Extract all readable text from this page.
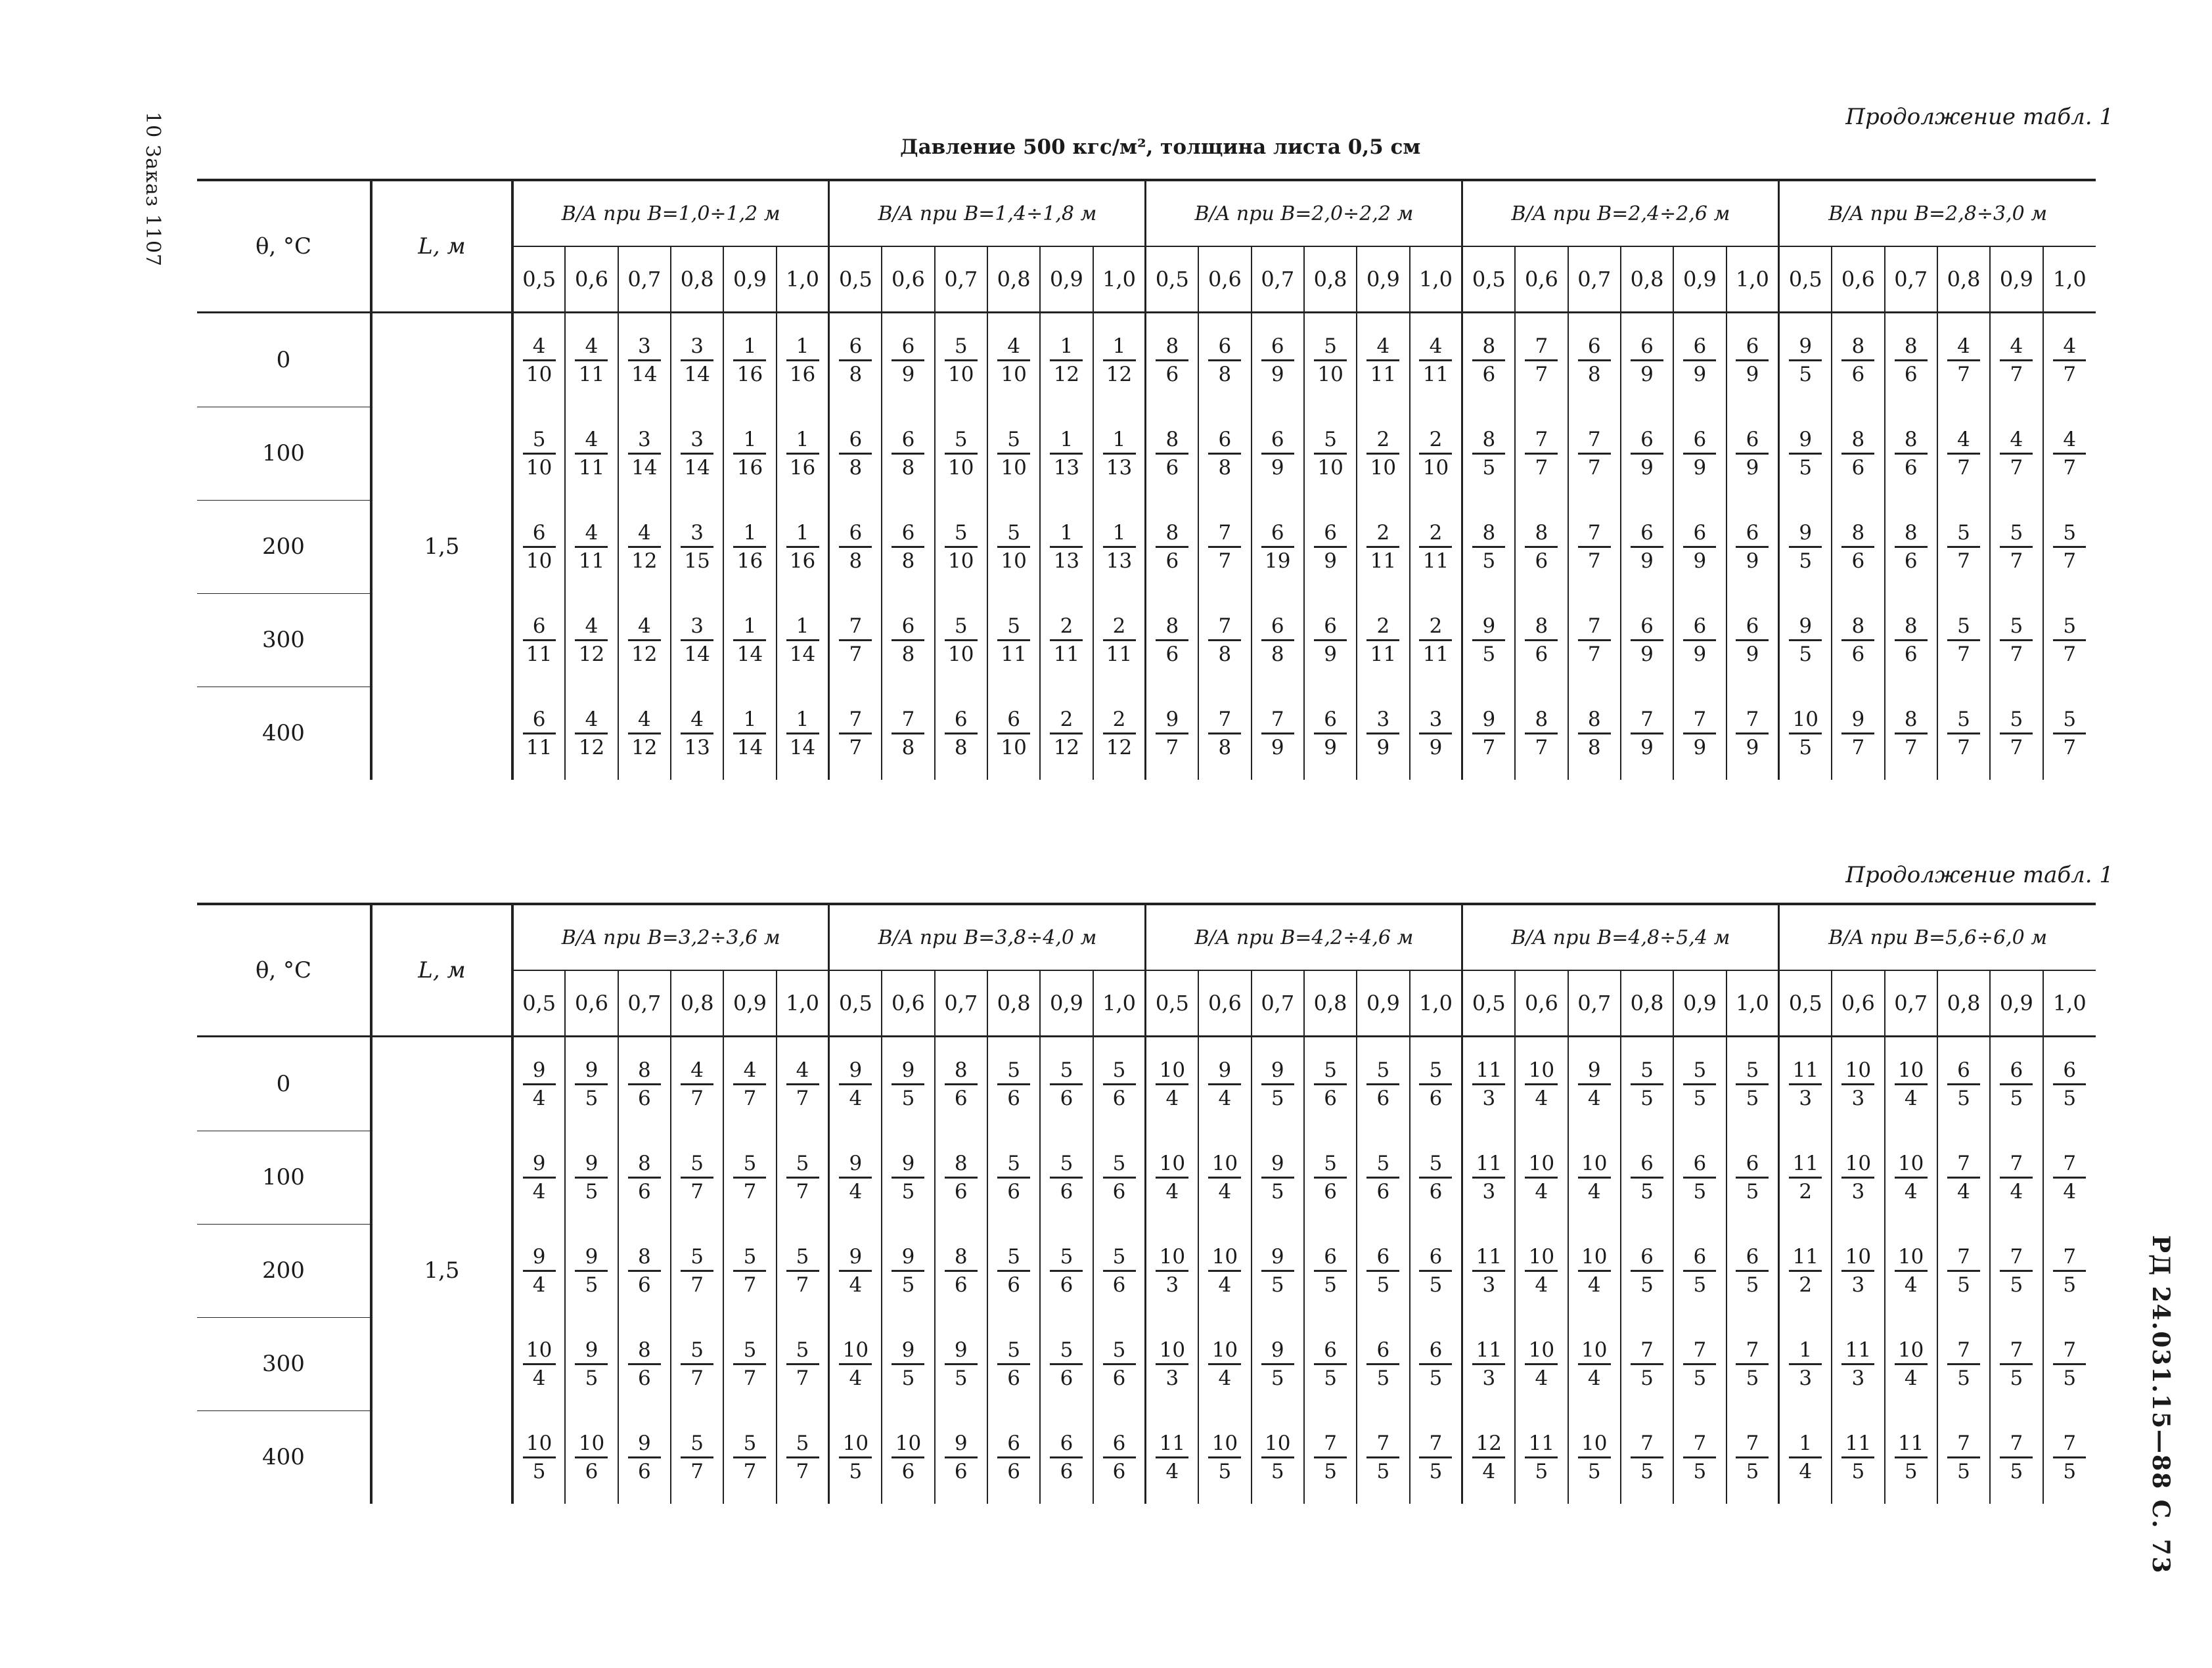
10 Заказ 1107
РД 24.031.15—88 С. 73
Продолжение табл. 1
Давление 500 кгс/м², толщина листа 0,5 см
θ, °C	L, м	B/A при B=1,0÷1,2 м						B/A при B=1,4÷1,8 м						B/A при B=2,0÷2,2 м						B/A при B=2,4÷2,6 м						B/A при B=2,8÷3,0 м					
		0,5	0,6	0,7	0,8	0,9	1,0	0,5	0,6	0,7	0,8	0,9	1,0	0,5	0,6	0,7	0,8	0,9	1,0	0,5	0,6	0,7	0,8	0,9	1,0	0,5	0,6	0,7	0,8	0,9	1,0
0	1,5	$\frac{4}{10}$	$\frac{4}{11}$	$\frac{3}{14}$	$\frac{3}{14}$	$\frac{1}{16}$	$\frac{1}{16}$	$\frac{6}{8}$	$\frac{6}{9}$	$\frac{5}{10}$	$\frac{4}{10}$	$\frac{1}{12}$	$\frac{1}{12}$	$\frac{8}{6}$	$\frac{6}{8}$	$\frac{6}{9}$	$\frac{5}{10}$	$\frac{4}{11}$	$\frac{4}{11}$	$\frac{8}{6}$	$\frac{7}{7}$	$\frac{6}{8}$	$\frac{6}{9}$	$\frac{6}{9}$	$\frac{6}{9}$	$\frac{9}{5}$	$\frac{8}{6}$	$\frac{8}{6}$	$\frac{4}{7}$	$\frac{4}{7}$	$\frac{4}{7}$

100		$\frac{5}{10}$	$\frac{4}{11}$	$\frac{3}{14}$	$\frac{3}{14}$	$\frac{1}{16}$	$\frac{1}{16}$	$\frac{6}{8}$	$\frac{6}{8}$	$\frac{5}{10}$	$\frac{5}{10}$	$\frac{1}{13}$	$\frac{1}{13}$	$\frac{8}{6}$	$\frac{6}{8}$	$\frac{6}{9}$	$\frac{5}{10}$	$\frac{2}{10}$	$\frac{2}{10}$	$\frac{8}{5}$	$\frac{7}{7}$	$\frac{7}{7}$	$\frac{6}{9}$	$\frac{6}{9}$	$\frac{6}{9}$	$\frac{9}{5}$	$\frac{8}{6}$	$\frac{8}{6}$	$\frac{4}{7}$	$\frac{4}{7}$	$\frac{4}{7}$

200		$\frac{6}{10}$	$\frac{4}{11}$	$\frac{4}{12}$	$\frac{3}{15}$	$\frac{1}{16}$	$\frac{1}{16}$	$\frac{6}{8}$	$\frac{6}{8}$	$\frac{5}{10}$	$\frac{5}{10}$	$\frac{1}{13}$	$\frac{1}{13}$	$\frac{8}{6}$	$\frac{7}{7}$	$\frac{6}{19}$	$\frac{6}{9}$	$\frac{2}{11}$	$\frac{2}{11}$	$\frac{8}{5}$	$\frac{8}{6}$	$\frac{7}{7}$	$\frac{6}{9}$	$\frac{6}{9}$	$\frac{6}{9}$	$\frac{9}{5}$	$\frac{8}{6}$	$\frac{8}{6}$	$\frac{5}{7}$	$\frac{5}{7}$	$\frac{5}{7}$

300		$\frac{6}{11}$	$\frac{4}{12}$	$\frac{4}{12}$	$\frac{3}{14}$	$\frac{1}{14}$	$\frac{1}{14}$	$\frac{7}{7}$	$\frac{6}{8}$	$\frac{5}{10}$	$\frac{5}{11}$	$\frac{2}{11}$	$\frac{2}{11}$	$\frac{8}{6}$	$\frac{7}{8}$	$\frac{6}{8}$	$\frac{6}{9}$	$\frac{2}{11}$	$\frac{2}{11}$	$\frac{9}{5}$	$\frac{8}{6}$	$\frac{7}{7}$	$\frac{6}{9}$	$\frac{6}{9}$	$\frac{6}{9}$	$\frac{9}{5}$	$\frac{8}{6}$	$\frac{8}{6}$	$\frac{5}{7}$	$\frac{5}{7}$	$\frac{5}{7}$

400		$\frac{6}{11}$	$\frac{4}{12}$	$\frac{4}{12}$	$\frac{4}{13}$	$\frac{1}{14}$	$\frac{1}{14}$	$\frac{7}{7}$	$\frac{7}{8}$	$\frac{6}{8}$	$\frac{6}{10}$	$\frac{2}{12}$	$\frac{2}{12}$	$\frac{9}{7}$	$\frac{7}{8}$	$\frac{7}{9}$	$\frac{6}{9}$	$\frac{3}{9}$	$\frac{3}{9}$	$\frac{9}{7}$	$\frac{8}{7}$	$\frac{8}{8}$	$\frac{7}{9}$	$\frac{7}{9}$	$\frac{7}{9}$	$\frac{10}{5}$	$\frac{9}{7}$	$\frac{8}{7}$	$\frac{5}{7}$	$\frac{5}{7}$	$\frac{5}{7}$
Продолжение табл. 1
θ, °C	L, м	B/A при B=3,2÷3,6 м						B/A при B=3,8÷4,0 м						B/A при B=4,2÷4,6 м						B/A при B=4,8÷5,4 м						B/A при B=5,6÷6,0 м					
		0,5	0,6	0,7	0,8	0,9	1,0	0,5	0,6	0,7	0,8	0,9	1,0	0,5	0,6	0,7	0,8	0,9	1,0	0,5	0,6	0,7	0,8	0,9	1,0	0,5	0,6	0,7	0,8	0,9	1,0
0	1,5	$\frac{9}{4}$	$\frac{9}{5}$	$\frac{8}{6}$	$\frac{4}{7}$	$\frac{4}{7}$	$\frac{4}{7}$	$\frac{9}{4}$	$\frac{9}{5}$	$\frac{8}{6}$	$\frac{5}{6}$	$\frac{5}{6}$	$\frac{5}{6}$	$\frac{10}{4}$	$\frac{9}{4}$	$\frac{9}{5}$	$\frac{5}{6}$	$\frac{5}{6}$	$\frac{5}{6}$	$\frac{11}{3}$	$\frac{10}{4}$	$\frac{9}{4}$	$\frac{5}{5}$	$\frac{5}{5}$	$\frac{5}{5}$	$\frac{11}{3}$	$\frac{10}{3}$	$\frac{10}{4}$	$\frac{6}{5}$	$\frac{6}{5}$	$\frac{6}{5}$

100		$\frac{9}{4}$	$\frac{9}{5}$	$\frac{8}{6}$	$\frac{5}{7}$	$\frac{5}{7}$	$\frac{5}{7}$	$\frac{9}{4}$	$\frac{9}{5}$	$\frac{8}{6}$	$\frac{5}{6}$	$\frac{5}{6}$	$\frac{5}{6}$	$\frac{10}{4}$	$\frac{10}{4}$	$\frac{9}{5}$	$\frac{5}{6}$	$\frac{5}{6}$	$\frac{5}{6}$	$\frac{11}{3}$	$\frac{10}{4}$	$\frac{10}{4}$	$\frac{6}{5}$	$\frac{6}{5}$	$\frac{6}{5}$	$\frac{11}{2}$	$\frac{10}{3}$	$\frac{10}{4}$	$\frac{7}{4}$	$\frac{7}{4}$	$\frac{7}{4}$

200		$\frac{9}{4}$	$\frac{9}{5}$	$\frac{8}{6}$	$\frac{5}{7}$	$\frac{5}{7}$	$\frac{5}{7}$	$\frac{9}{4}$	$\frac{9}{5}$	$\frac{8}{6}$	$\frac{5}{6}$	$\frac{5}{6}$	$\frac{5}{6}$	$\frac{10}{3}$	$\frac{10}{4}$	$\frac{9}{5}$	$\frac{6}{5}$	$\frac{6}{5}$	$\frac{6}{5}$	$\frac{11}{3}$	$\frac{10}{4}$	$\frac{10}{4}$	$\frac{6}{5}$	$\frac{6}{5}$	$\frac{6}{5}$	$\frac{11}{2}$	$\frac{10}{3}$	$\frac{10}{4}$	$\frac{7}{5}$	$\frac{7}{5}$	$\frac{7}{5}$

300		$\frac{10}{4}$	$\frac{9}{5}$	$\frac{8}{6}$	$\frac{5}{7}$	$\frac{5}{7}$	$\frac{5}{7}$	$\frac{10}{4}$	$\frac{9}{5}$	$\frac{9}{5}$	$\frac{5}{6}$	$\frac{5}{6}$	$\frac{5}{6}$	$\frac{10}{3}$	$\frac{10}{4}$	$\frac{9}{5}$	$\frac{6}{5}$	$\frac{6}{5}$	$\frac{6}{5}$	$\frac{11}{3}$	$\frac{10}{4}$	$\frac{10}{4}$	$\frac{7}{5}$	$\frac{7}{5}$	$\frac{7}{5}$	$\frac{1}{3}$	$\frac{11}{3}$	$\frac{10}{4}$	$\frac{7}{5}$	$\frac{7}{5}$	$\frac{7}{5}$

400		$\frac{10}{5}$	$\frac{10}{6}$	$\frac{9}{6}$	$\frac{5}{7}$	$\frac{5}{7}$	$\frac{5}{7}$	$\frac{10}{5}$	$\frac{10}{6}$	$\frac{9}{6}$	$\frac{6}{6}$	$\frac{6}{6}$	$\frac{6}{6}$	$\frac{11}{4}$	$\frac{10}{5}$	$\frac{10}{5}$	$\frac{7}{5}$	$\frac{7}{5}$	$\frac{7}{5}$	$\frac{12}{4}$	$\frac{11}{5}$	$\frac{10}{5}$	$\frac{7}{5}$	$\frac{7}{5}$	$\frac{7}{5}$	$\frac{1}{4}$	$\frac{11}{5}$	$\frac{11}{5}$	$\frac{7}{5}$	$\frac{7}{5}$	$\frac{7}{5}$
